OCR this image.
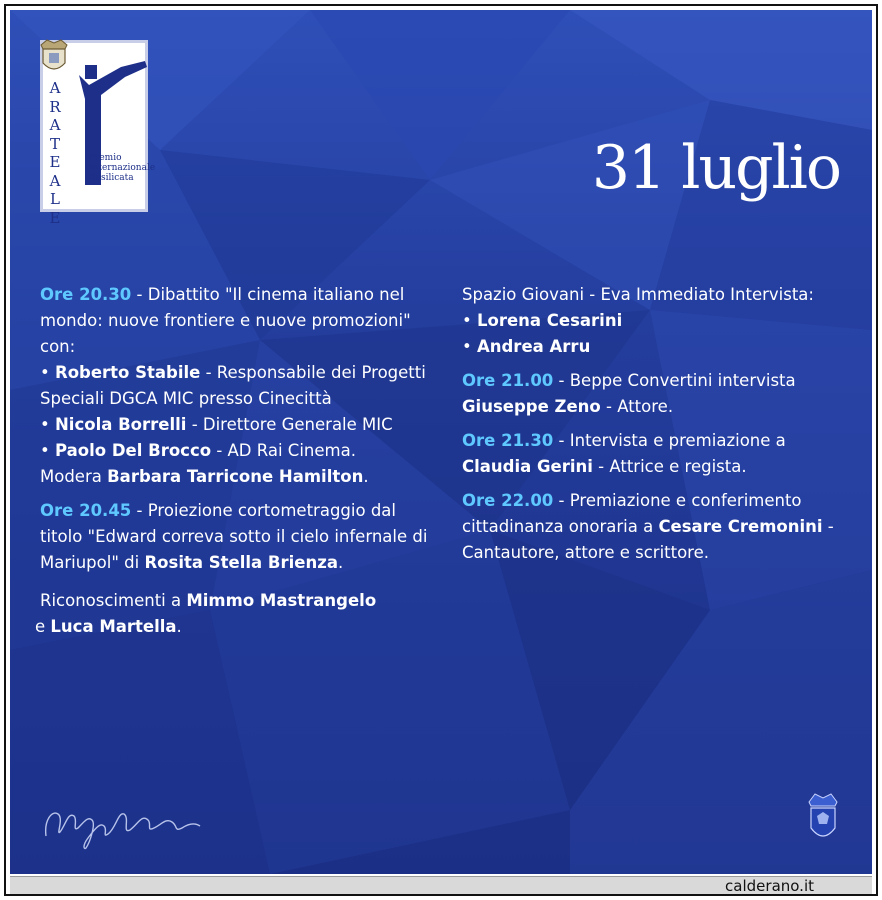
A
R
A
T
E
A
L
E
Premio
Internazionale
Basilicata	31 luglio
Ore 20.30 - Dibattito "Il cinema italiano nel mondo: nuove frontiere e nuove promozioni" con:
• Roberto Stabile - Responsabile dei Progetti Speciali DGCA MIC presso Cinecittà
• Nicola Borrelli - Direttore Generale MIC
• Paolo Del Brocco - AD Rai Cinema.
Modera Barbara Tarricone Hamilton.
Ore 20.45 - Proiezione cortometraggio dal titolo "Edward correva sotto il cielo infernale di Mariupol" di Rosita Stella Brienza.
Riconoscimenti a Mimmo Mastrangelo
e Luca Martella.
Spazio Giovani - Eva Immediato Intervista:
• Lorena Cesarini
• Andrea Arru
Ore 21.00 - Beppe Convertini intervista
Giuseppe Zeno - Attore.
Ore 21.30 - Intervista e premiazione a
Claudia Gerini - Attrice e regista.
Ore 22.00 - Premiazione e conferimento cittadinanza onoraria a Cesare Cremonini - Cantautore, attore e scrittore.
calderano.it
